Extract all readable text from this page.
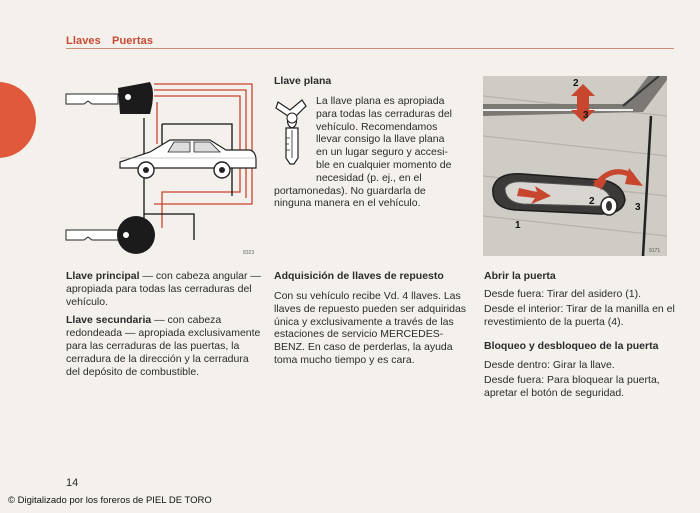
Llaves Puertas
8323
2
3
1
2
3
9171

Llave principal — con cabeza angular — apropiada para todas las cerraduras del vehículo.

Llave secundaria — con cabeza redondeada — apropiada exclusivamente para las cerraduras de las puertas, la cerradura de la dirección y la cerradura del depósito de combustible.

Llave plana
La llave plana es apropiada
para todas las cerraduras del
vehículo. Recomendamos
llevar consigo la llave plana
en un lugar seguro y accesi-
ble en cualquier momento de
necesidad (p. ej., en el
portamonedas). No guardarla de
ninguna manera en el vehículo.
Adquisición de llaves de repuesto
Con su vehículo recibe Vd. 4 llaves. Las llaves de repuesto pueden ser adquiridas única y exclusivamente a través de las estaciones de servicio MERCEDES-BENZ. En caso de perderlas, la ayuda toma mucho tiempo y es cara.
Abrir la puerta

Desde fuera: Tirar del asidero (1).

Desde el interior: Tirar de la manilla en el revestimiento de la puerta (4).

Bloqueo y desbloqueo de la puerta

Desde dentro: Girar la llave.

Desde fuera: Para bloquear la puerta, apretar el botón de seguridad.

14
© Digitalizado por los foreros de PIEL DE TORO
